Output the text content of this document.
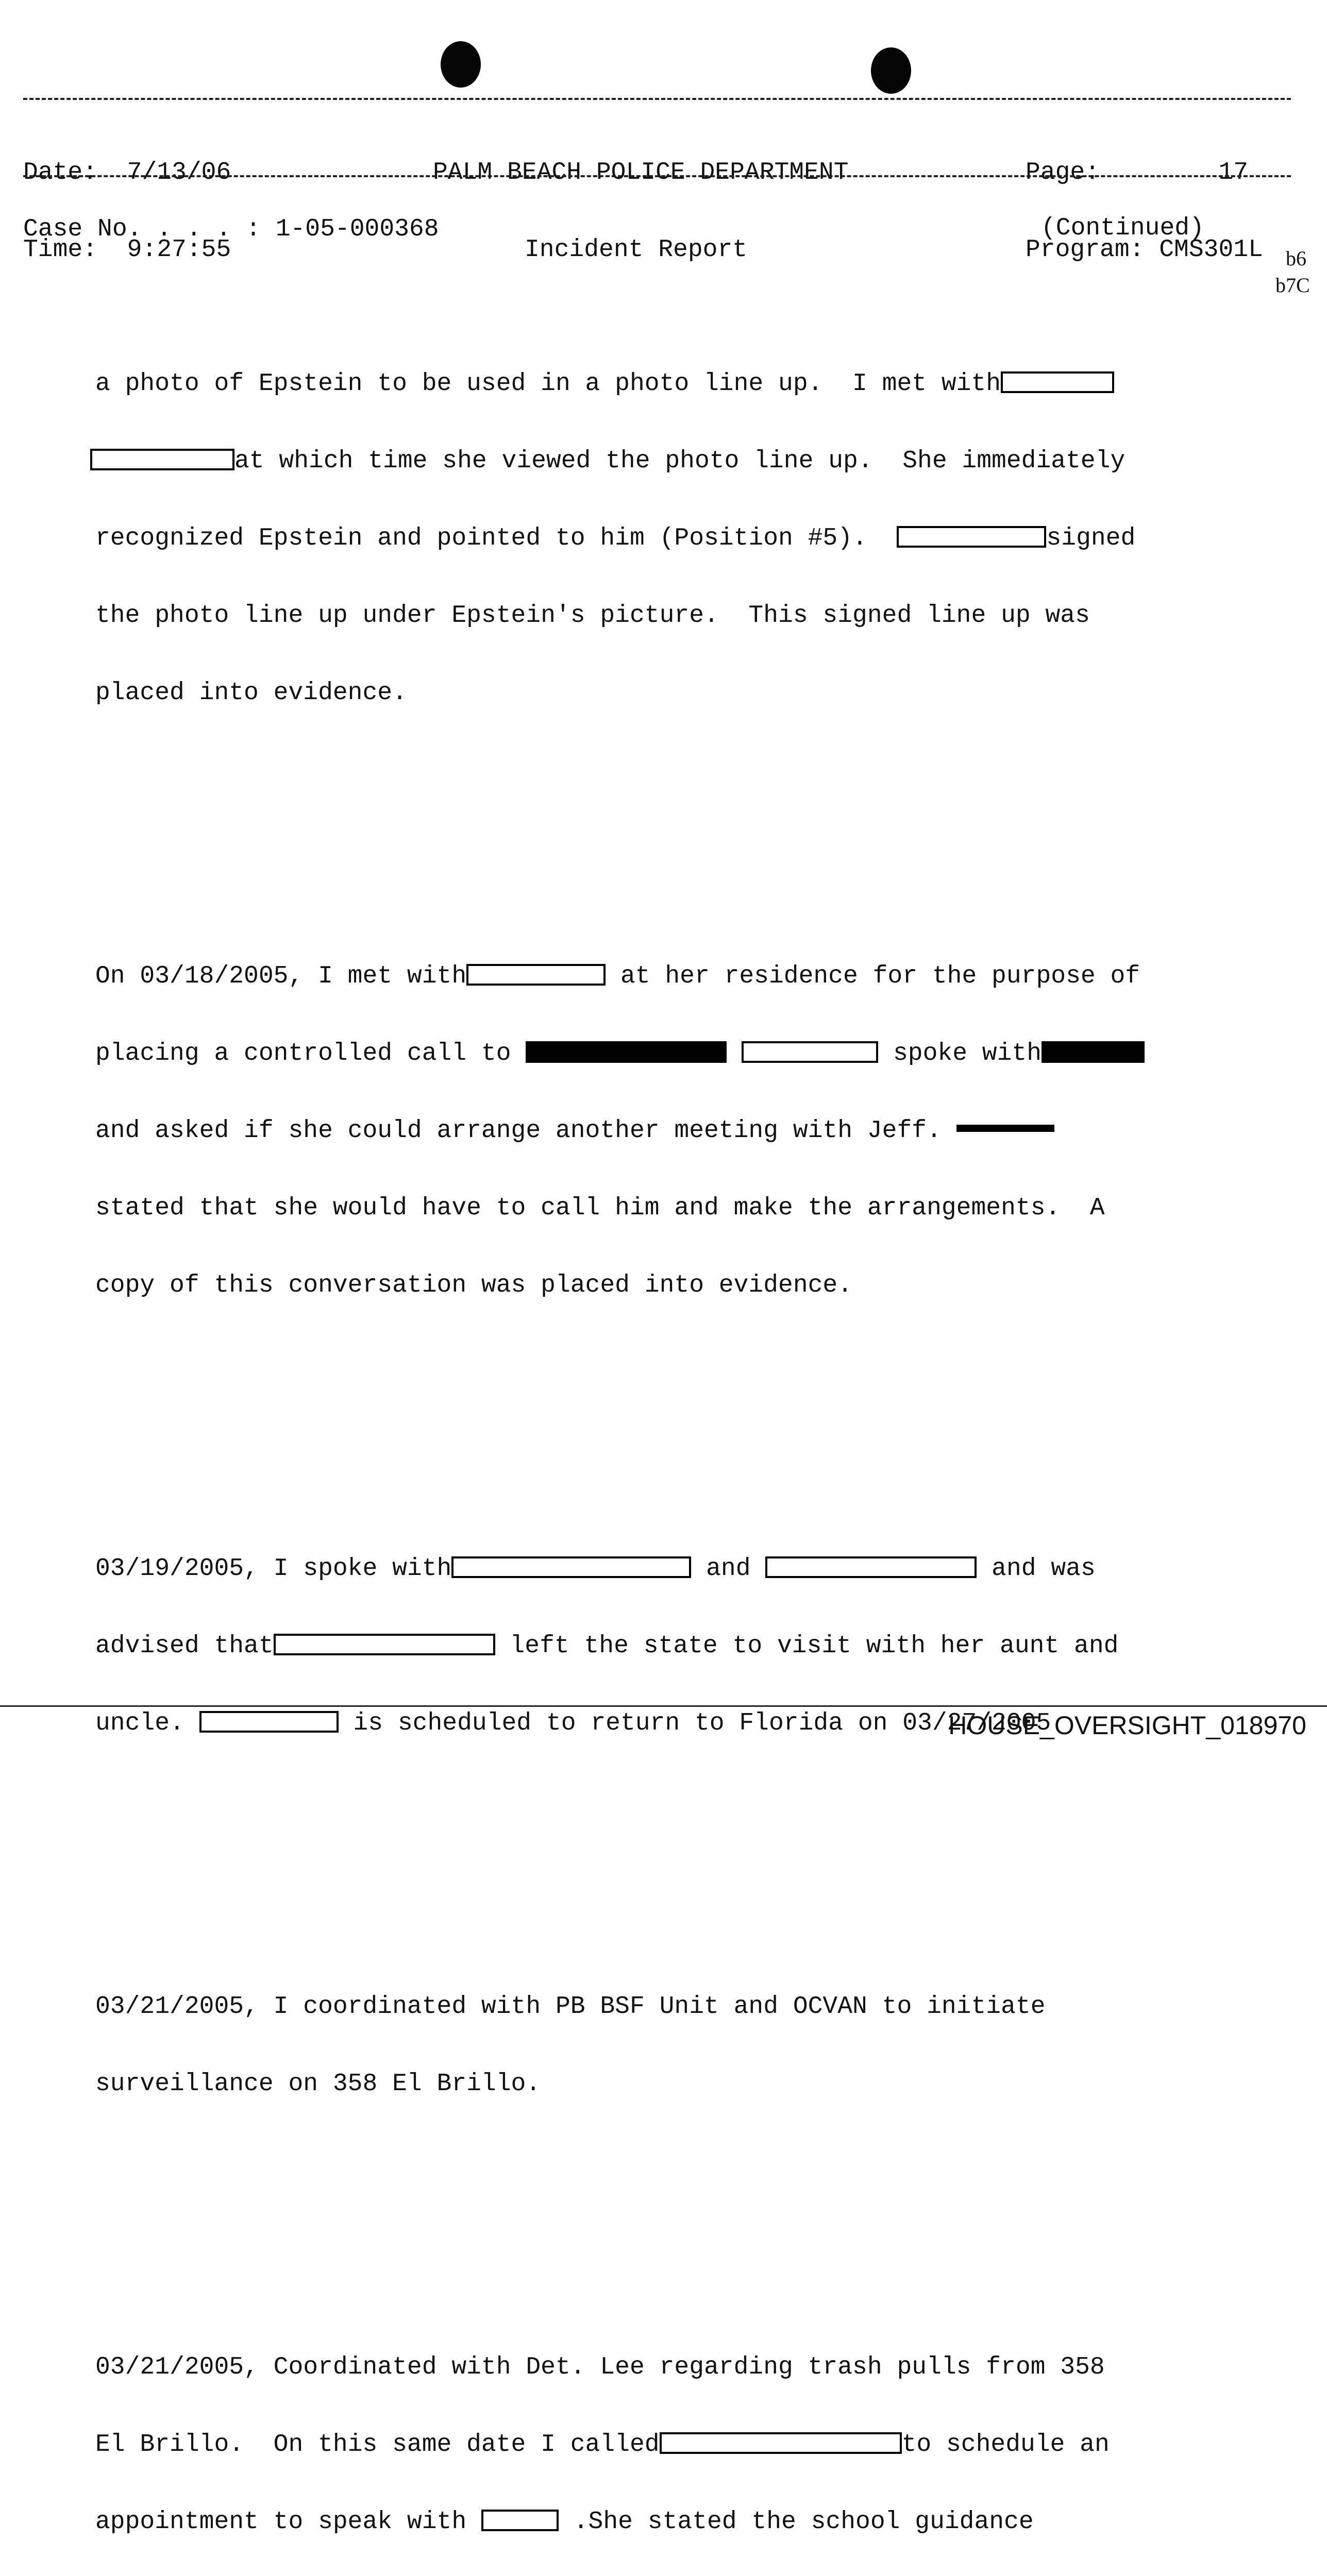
Date: 7/13/06

Time: 9:27:55

PALM BEACH POLICE DEPARTMENT

Incident Report

Page:	17

Program: CMS301L

Case No. . . . : 1-05-000368	(Continued)
b6
b7C

a photo of Epstein to be used in a photo line up.  I met with

at which time she viewed the photo line up.  She immediately

recognized Epstein and pointed to him (Position #5).	signed

the photo line up under Epstein's picture.  This signed line up was

placed into evidence.

On 03/18/2005, I met with	at her residence for the purpose of

placing a controlled call to	spoke with

and asked if she could arrange another meeting with Jeff.

stated that she would have to call him and make the arrangements.  A

copy of this conversation was placed into evidence.

03/19/2005, I spoke with	and	and was

advised that	left the state to visit with her aunt and

uncle.	is scheduled to return to Florida on 03/27/2005

03/21/2005, I coordinated with PB BSF Unit and OCVAN to initiate

surveillance on 358 El Brillo.

03/21/2005, Coordinated with Det. Lee regarding trash pulls from 358

El Brillo.  On this same date I called	to schedule an

appointment to speak with	.She stated the school guidance

HOUSE_OVERSIGHT_018970
